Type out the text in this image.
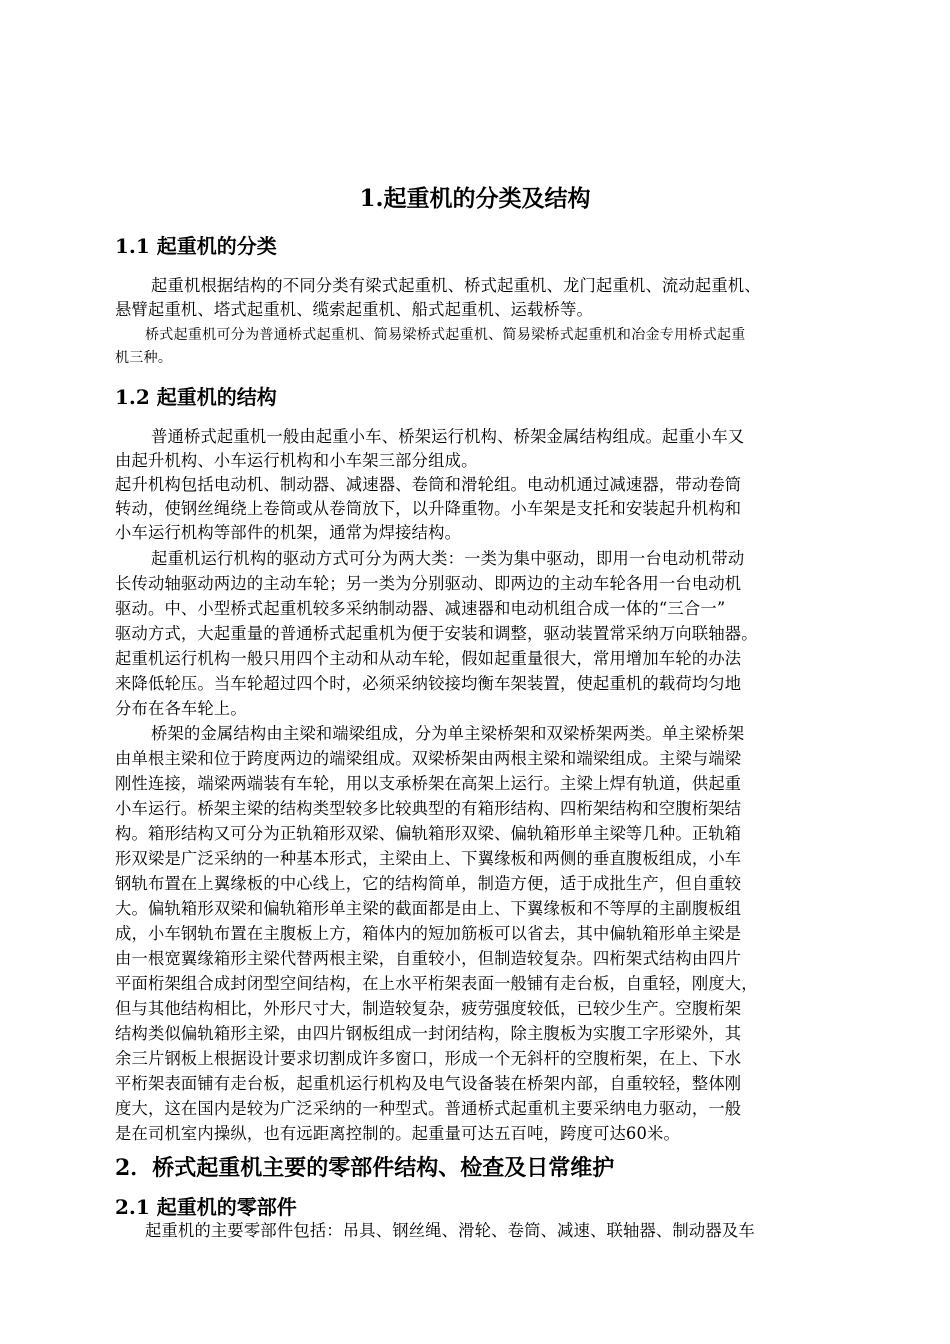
1.起重机的分类及结构
1.1 起重机的分类
起重机根据结构的不同分类有梁式起重机、桥式起重机、龙门起重机、流动起重机、
悬臂起重机、塔式起重机、缆索起重机、船式起重机、运载桥等。
桥式起重机可分为普通桥式起重机、简易梁桥式起重机、简易梁桥式起重机和冶金专用桥式起重
机三种。
1.2 起重机的结构
普通桥式起重机一般由起重小车、桥架运行机构、桥架金属结构组成。起重小车又
由起升机构、小车运行机构和小车架三部分组成。
起升机构包括电动机、制动器、减速器、卷筒和滑轮组。电动机通过减速器，带动卷筒
转动，使钢丝绳绕上卷筒或从卷筒放下，以升降重物。小车架是支托和安装起升机构和
小车运行机构等部件的机架，通常为焊接结构。
起重机运行机构的驱动方式可分为两大类：一类为集中驱动，即用一台电动机带动
长传动轴驱动两边的主动车轮；另一类为分别驱动、即两边的主动车轮各用一台电动机
驱动。中、小型桥式起重机较多采纳制动器、减速器和电动机组合成一体的“三合一”
驱动方式，大起重量的普通桥式起重机为便于安装和调整，驱动装置常采纳万向联轴器。
起重机运行机构一般只用四个主动和从动车轮，假如起重量很大，常用增加车轮的办法
来降低轮压。当车轮超过四个时，必须采纳铰接均衡车架装置，使起重机的载荷均匀地
分布在各车轮上。
桥架的金属结构由主梁和端梁组成，分为单主梁桥架和双梁桥架两类。单主梁桥架
由单根主梁和位于跨度两边的端梁组成。双梁桥架由两根主梁和端梁组成。主梁与端梁
刚性连接，端梁两端装有车轮，用以支承桥架在高架上运行。主梁上焊有轨道，供起重
小车运行。桥架主梁的结构类型较多比较典型的有箱形结构、四桁架结构和空腹桁架结
构。箱形结构又可分为正轨箱形双梁、偏轨箱形双梁、偏轨箱形单主梁等几种。正轨箱
形双梁是广泛采纳的一种基本形式，主梁由上、下翼缘板和两侧的垂直腹板组成，小车
钢轨布置在上翼缘板的中心线上，它的结构简单，制造方便，适于成批生产，但自重较
大。偏轨箱形双梁和偏轨箱形单主梁的截面都是由上、下翼缘板和不等厚的主副腹板组
成，小车钢轨布置在主腹板上方，箱体内的短加筋板可以省去，其中偏轨箱形单主梁是
由一根宽翼缘箱形主梁代替两根主梁，自重较小，但制造较复杂。四桁架式结构由四片
平面桁架组合成封闭型空间结构，在上水平桁架表面一般铺有走台板，自重轻，刚度大，
但与其他结构相比，外形尺寸大，制造较复杂，疲劳强度较低，已较少生产。空腹桁架
结构类似偏轨箱形主梁，由四片钢板组成一封闭结构，除主腹板为实腹工字形梁外，其
余三片钢板上根据设计要求切割成许多窗口，形成一个无斜杆的空腹桁架，在上、下水
平桁架表面铺有走台板，起重机运行机构及电气设备装在桥架内部，自重较轻，整体刚
度大，这在国内是较为广泛采纳的一种型式。普通桥式起重机主要采纳电力驱动，一般
是在司机室内操纵，也有远距离控制的。起重量可达五百吨，跨度可达60米。
2．桥式起重机主要的零部件结构、检查及日常维护
2.1 起重机的零部件
起重机的主要零部件包括：吊具、钢丝绳、滑轮、卷筒、减速、联轴器、制动器及车
